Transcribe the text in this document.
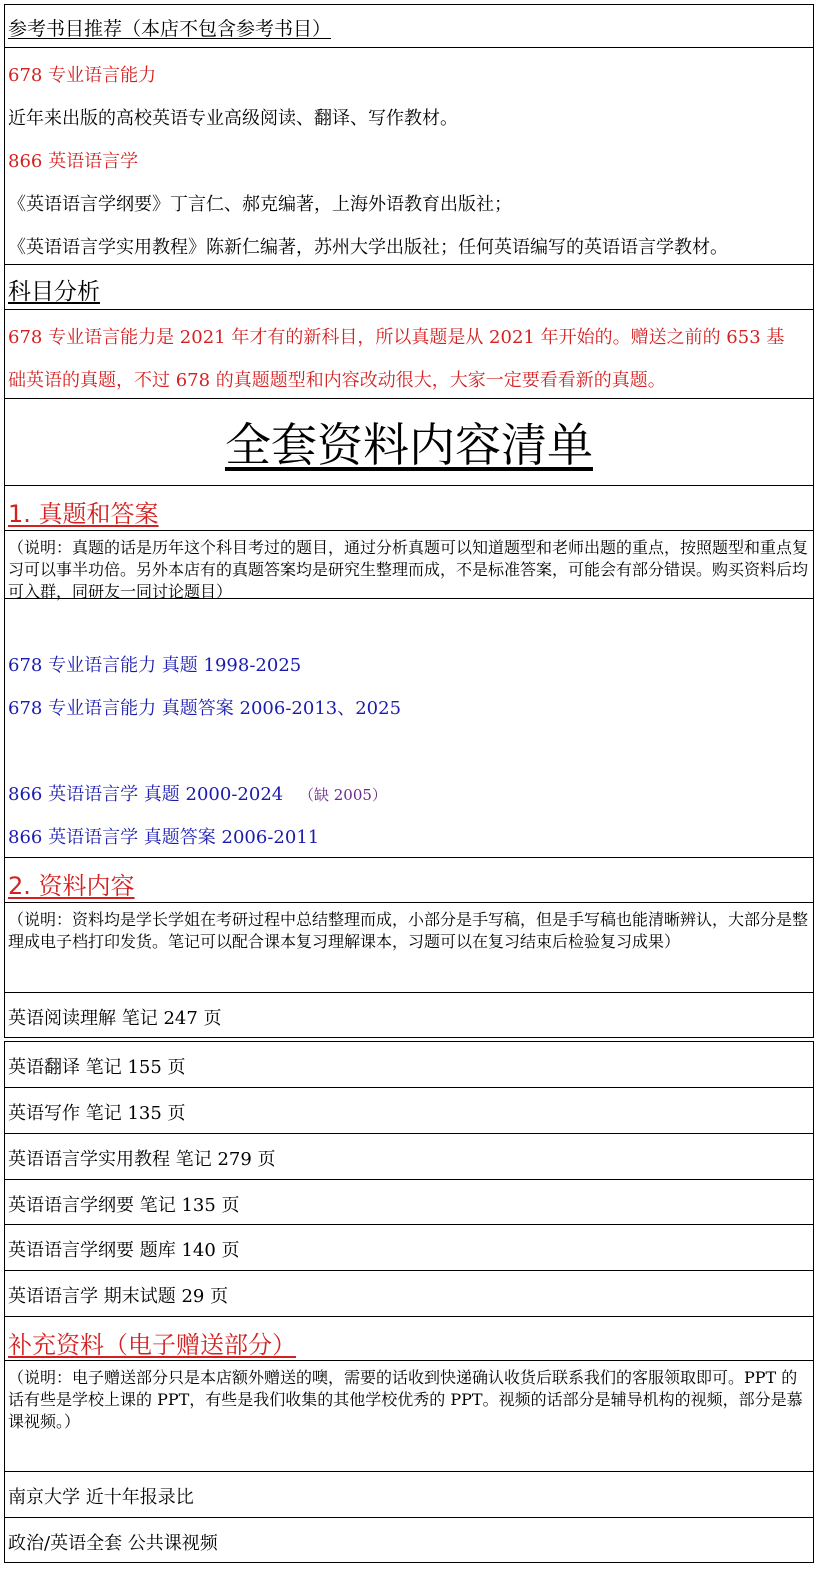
参考书目推荐（本店不包含参考书目）
678 专业语言能力
近年来出版的高校英语专业高级阅读、翻译、写作教材。
866 英语语言学
《英语语言学纲要》丁言仁、郝克编著，上海外语教育出版社；
《英语语言学实用教程》陈新仁编著，苏州大学出版社；任何英语编写的英语语言学教材。
科目分析
678 专业语言能力是 2021 年才有的新科目，所以真题是从 2021 年开始的。赠送之前的 653 基
础英语的真题，不过 678 的真题题型和内容改动很大，大家一定要看看新的真题。
全套资料内容清单
1. 真题和答案
（说明：真题的话是历年这个科目考过的题目，通过分析真题可以知道题型和老师出题的重点，按照题型和重点复习可以事半功倍。另外本店有的真题答案均是研究生整理而成，不是标准答案，可能会有部分错误。购买资料后均可入群，同研友一同讨论题目）
678 专业语言能力 真题 1998-2025
678 专业语言能力 真题答案 2006-2013、2025
866 英语语言学 真题 2000-2024 （缺 2005）
866 英语语言学 真题答案 2006-2011
2. 资料内容
（说明：资料均是学长学姐在考研过程中总结整理而成，小部分是手写稿，但是手写稿也能清晰辨认，大部分是整理成电子档打印发货。笔记可以配合课本复习理解课本，习题可以在复习结束后检验复习成果）
英语阅读理解 笔记 247 页
英语翻译 笔记 155 页
英语写作 笔记 135 页
英语语言学实用教程 笔记 279 页
英语语言学纲要 笔记 135 页
英语语言学纲要 题库 140 页
英语语言学 期末试题 29 页
补充资料（电子赠送部分）
（说明：电子赠送部分只是本店额外赠送的噢，需要的话收到快递确认收货后联系我们的客服领取即可。PPT 的话有些是学校上课的 PPT，有些是我们收集的其他学校优秀的 PPT。视频的话部分是辅导机构的视频，部分是慕课视频。）
南京大学 近十年报录比
政治/英语全套 公共课视频
